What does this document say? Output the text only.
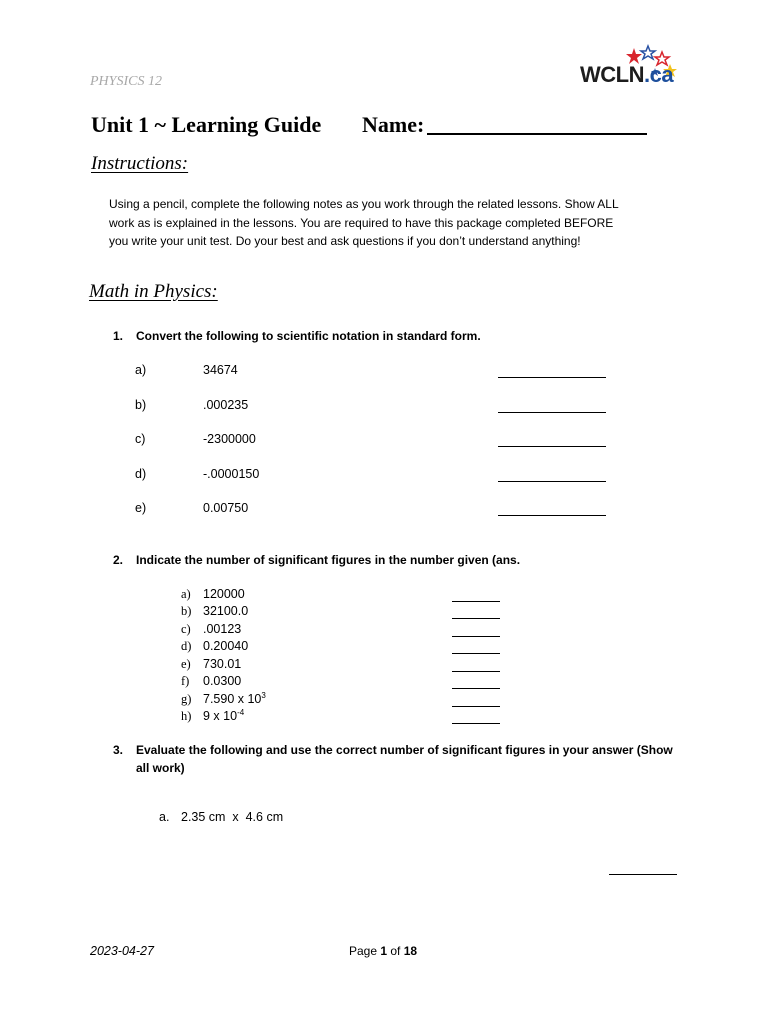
PHYSICS 12	WCLN.ca
Unit 1 ~ Learning Guide Name:
Instructions:
Using a pencil, complete the following notes as you work through the related lessons. Show ALL
work as is explained in the lessons. You are required to have this package completed BEFORE
you write your unit test. Do your best and ask questions if you don’t understand anything!
Math in Physics:
1. Convert the following to scientific notation in standard form.
a)	34674
b)	.000235
c)	-2300000
d)	-.0000150
e)	0.00750
2. Indicate the number of significant figures in the number given (ans.
a) 120000
b) 32100.0
c) .00123
d) 0.20040
e) 730.01
f) 0.0300
g) 7.590 x $10^3$
h) 9 x $10^{-4}$
3. Evaluate the following and use the correct number of significant figures in your answer (Show
all work)
a. 2.35 cm  x  4.6 cm
2023-04-27	Page 1 of 18
